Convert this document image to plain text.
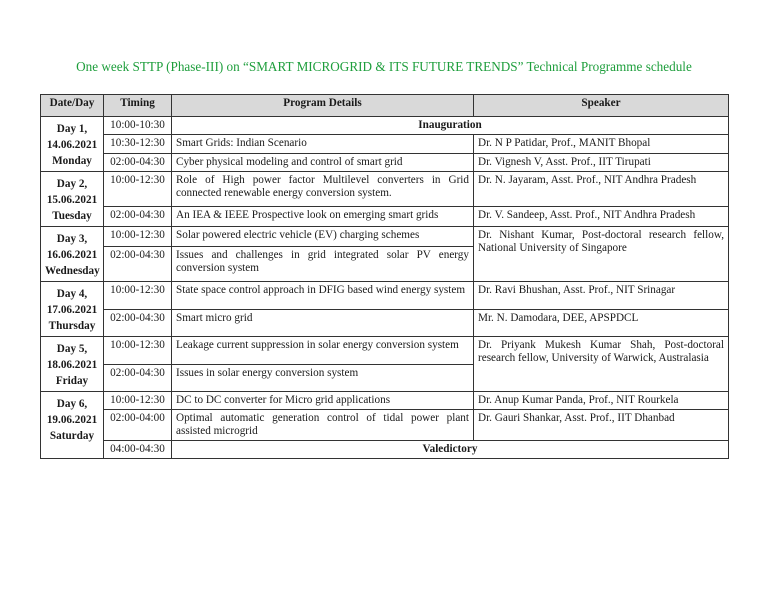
One week STTP (Phase-III) on “SMART MICROGRID & ITS FUTURE TRENDS” Technical Programme schedule
Date/Day	Timing	Program Details	Speaker

Day 1,
14.06.2021
Monday	10:00-10:30	Inauguration	
	10:30-12:30	Smart Grids: Indian Scenario	Dr. N P Patidar, Prof., MANIT Bhopal
	02:00-04:30	Cyber physical modeling and control of smart grid	Dr. Vignesh V, Asst. Prof., IIT Tirupati

Day 2,
15.06.2021
Tuesday	10:00-12:30	Role of High power factor Multilevel converters in Grid connected renewable energy conversion system.	Dr. N. Jayaram, Asst. Prof., NIT Andhra Pradesh
	02:00-04:30	An IEA & IEEE Prospective look on emerging smart grids	Dr. V. Sandeep, Asst. Prof., NIT Andhra Pradesh

Day 3,
16.06.2021
Wednesday	10:00-12:30	Solar powered electric vehicle (EV) charging schemes	Dr. Nishant Kumar, Post-doctoral research fellow, National University of Singapore
	02:00-04:30	Issues and challenges in grid integrated solar PV energy conversion system	

Day 4,
17.06.2021
Thursday	10:00-12:30	State space control approach in DFIG based wind energy system	Dr. Ravi Bhushan, Asst. Prof., NIT Srinagar
	02:00-04:30	Smart micro grid	Mr. N. Damodara, DEE, APSPDCL

Day 5,
18.06.2021
Friday	10:00-12:30	Leakage current suppression in solar energy conversion system	Dr. Priyank Mukesh Kumar Shah, Post-doctoral research fellow, University of Warwick, Australasia
	02:00-04:30	Issues in solar energy conversion system	

Day 6,
19.06.2021
Saturday	10:00-12:30	DC to DC converter for Micro grid applications	Dr. Anup Kumar Panda, Prof., NIT Rourkela
	02:00-04:00	Optimal automatic generation control of tidal power plant assisted microgrid	Dr. Gauri Shankar, Asst. Prof., IIT Dhanbad
	04:00-04:30	Valedictory	
